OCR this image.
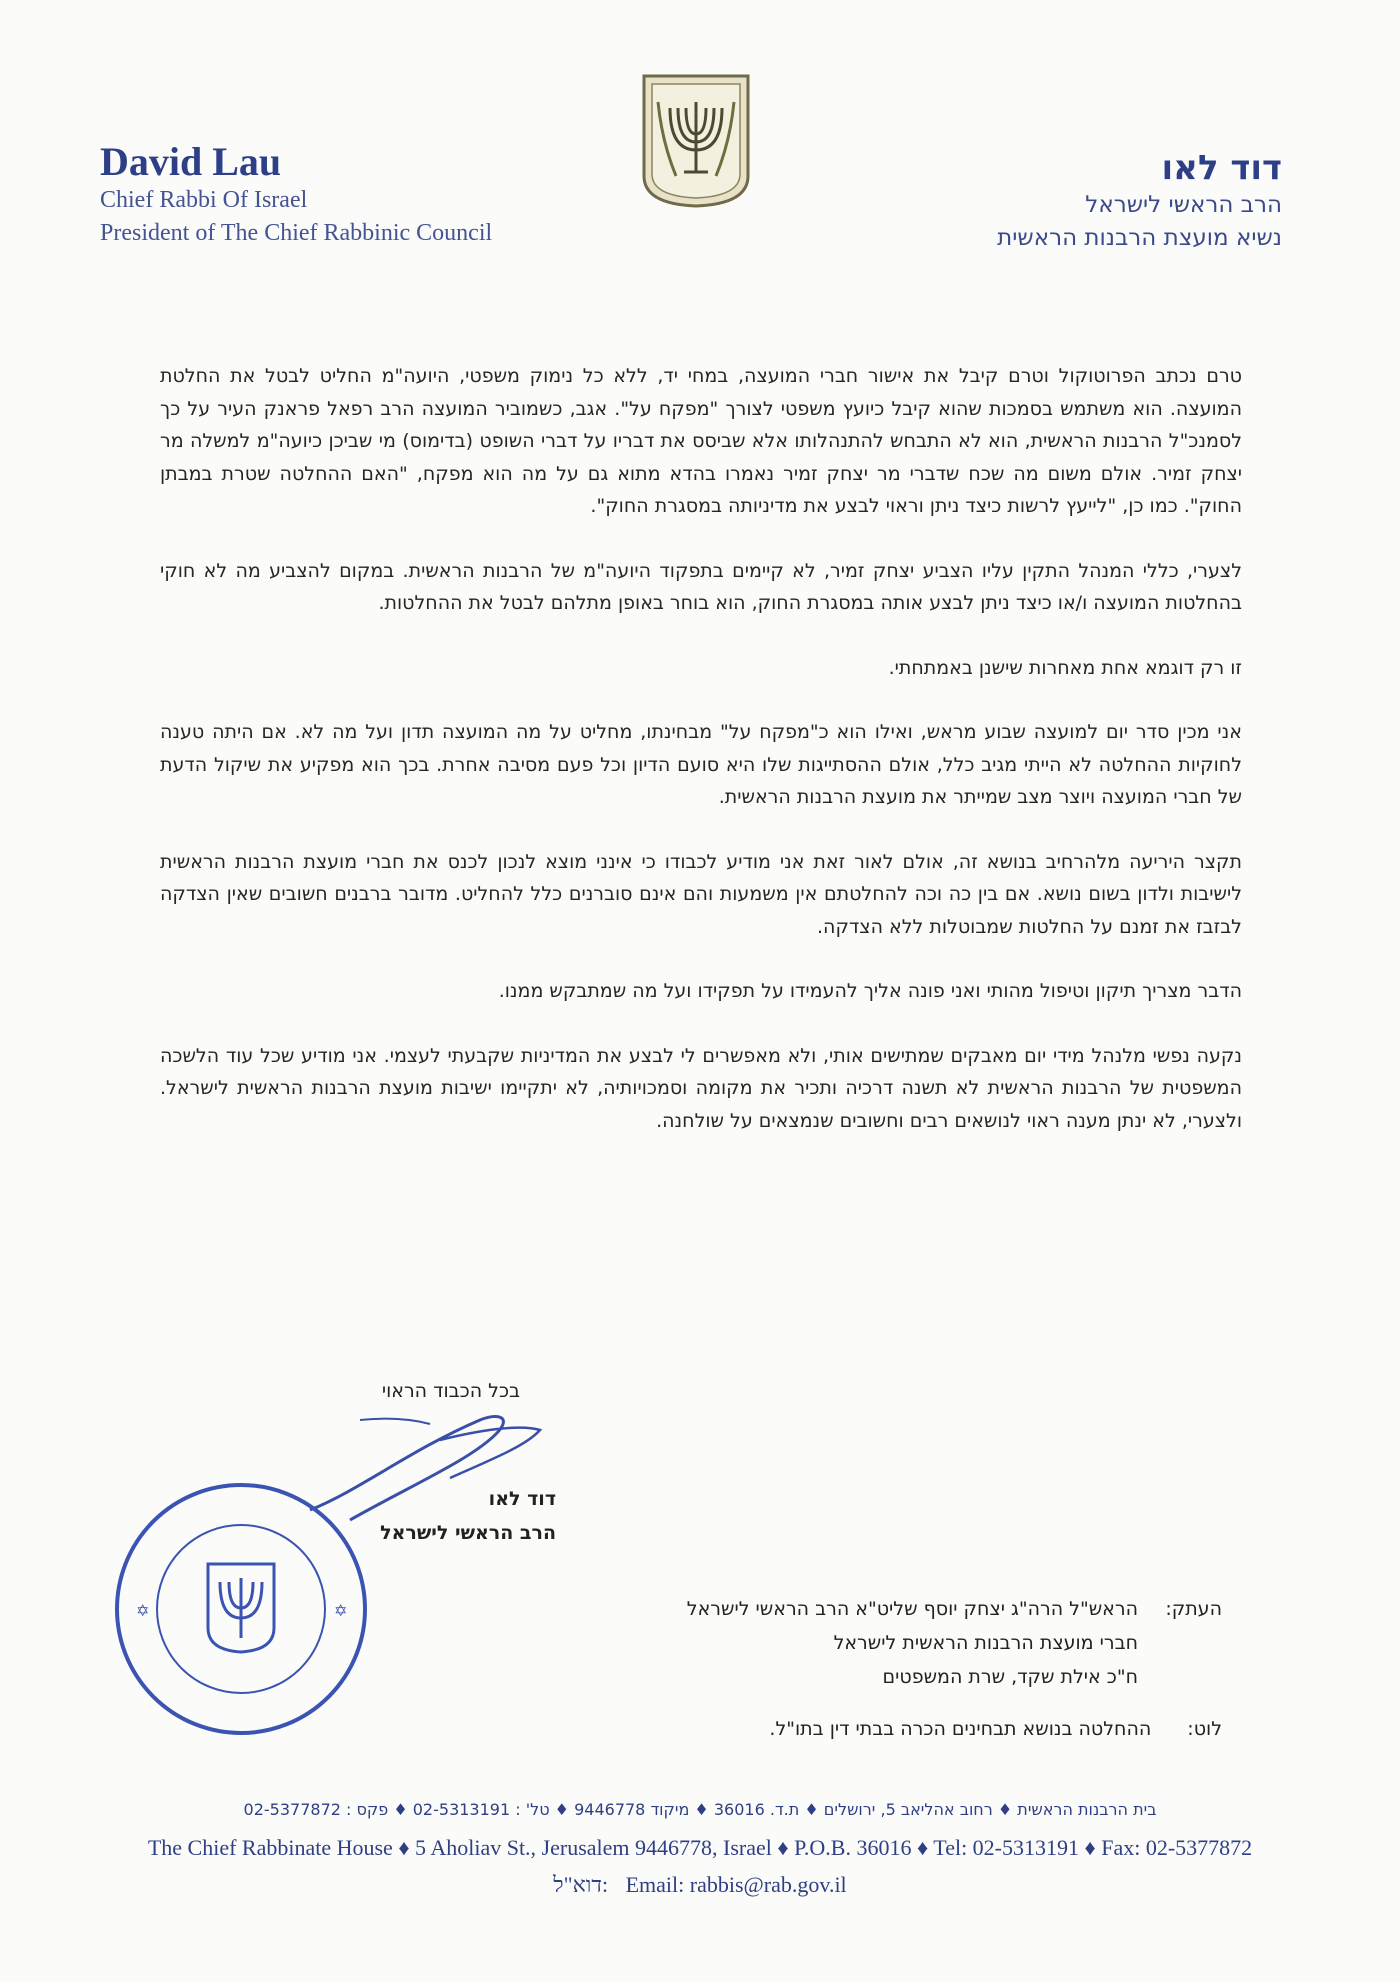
David Lau
Chief Rabbi Of Israel
President of The Chief Rabbinic Council
דוד לאו
הרב הראשי לישראל
נשיא מועצת הרבנות הראשית

טרם נכתב הפרוטוקול וטרם קיבל את אישור חברי המועצה, במחי יד, ללא כל נימוק משפטי, היועה"מ החליט לבטל את החלטת המועצה. הוא משתמש בסמכות שהוא קיבל כיועץ משפטי לצורך "מפקח על". אגב, כשמוביר המועצה הרב רפאל פראנק העיר על כך לסמנכ"ל הרבנות הראשית, הוא לא התבחש להתנהלותו אלא שביסס את דבריו על דברי השופט (בדימוס) מי שביכן כיועה"מ למשלה מר יצחק זמיר. אולם משום מה שכח שדברי מר יצחק זמיר נאמרו בהדא מתוא גם על מה הוא מפקח, "האם ההחלטה שטרת במבתן החוק". כמו כן, "לייעץ לרשות כיצד ניתן וראוי לבצע את מדיניותה במסגרת החוק".

לצערי, כללי המנהל התקין עליו הצביע יצחק זמיר, לא קיימים בתפקוד היועה"מ של הרבנות הראשית. במקום להצביע מה לא חוקי בהחלטות המועצה ו/או כיצד ניתן לבצע אותה במסגרת החוק, הוא בוחר באופן מתלהם לבטל את ההחלטות.

זו רק דוגמא אחת מאחרות שישנן באמתחתי.

אני מכין סדר יום למועצה שבוע מראש, ואילו הוא כ"מפקח על" מבחינתו, מחליט על מה המועצה תדון ועל מה לא. אם היתה טענה לחוקיות ההחלטה לא הייתי מגיב כלל, אולם ההסתייגות שלו היא סועם הדיון וכל פעם מסיבה אחרת. בכך הוא מפקיע את שיקול הדעת של חברי המועצה ויוצר מצב שמייתר את מועצת הרבנות הראשית.

תקצר היריעה מלהרחיב בנושא זה, אולם לאור זאת אני מודיע לכבודו כי אינני מוצא לנכון לכנס את חברי מועצת הרבנות הראשית לישיבות ולדון בשום נושא. אם בין כה וכה להחלטתם אין משמעות והם אינם סוברנים כלל להחליט. מדובר ברבנים חשובים שאין הצדקה לבזבז את זמנם על החלטות שמבוטלות ללא הצדקה.

הדבר מצריך תיקון וטיפול מהותי ואני פונה אליך להעמידו על תפקידו ועל מה שמתבקש ממנו.

נקעה נפשי מלנהל מידי יום מאבקים שמתישים אותי, ולא מאפשרים לי לבצע את המדיניות שקבעתי לעצמי. אני מודיע שכל עוד הלשכה המשפטית של הרבנות הראשית לא תשנה דרכיה ותכיר את מקומה וסמכויותיה, לא יתקיימו ישיבות מועצת הרבנות הראשית לישראל. ולצערי, לא ינתן מענה ראוי לנושאים רבים וחשובים שנמצאים על שולחנה.

בכל הכבוד הראוי
דוד לאו
הרב הראשי לישראל
✡	✡	העתק:
הראש"ל הרה"ג יצחק יוסף שליט"א הרב הראשי לישראל
חברי מועצת הרבנות הראשית לישראל
ח"כ אילת שקד, שרת המשפטים
לוט:
ההחלטה בנושא תבחינים הכרה בבתי דין בתו"ל.
בית הרבנות הראשית ♦ רחוב אהליאב 5, ירושלים ♦ ת.ד. 36016 ♦ מיקוד 9446778 ♦ טל' : 02-5313191 ♦ פקס : 02-5377872
The Chief Rabbinate House ♦ 5 Aholiav St., Jerusalem 9446778, Israel ♦ P.O.B. 36016 ♦ Tel: 02-5313191 ♦ Fax: 02-5377872
דוא"ל: Email: rabbis@rab.gov.il
